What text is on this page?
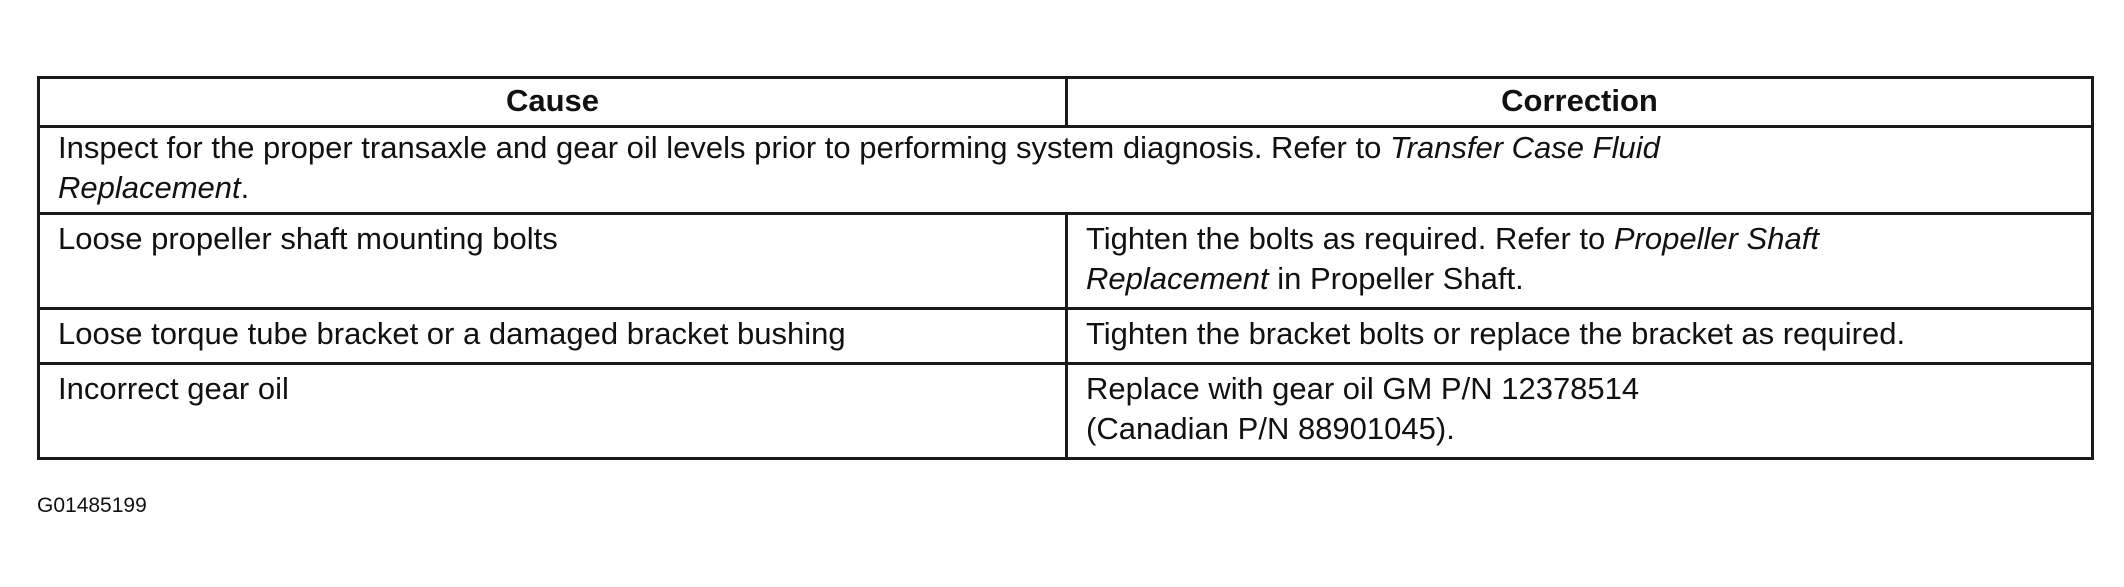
Cause	Correction
Inspect for the proper transaxle and gear oil levels prior to performing system diagnosis. Refer to Transfer Case Fluid
Replacement.	

Loose propeller shaft mounting bolts	Tighten the bolts as required. Refer to Propeller Shaft
Replacement in Propeller Shaft.

Loose torque tube bracket or a damaged bracket bushing	Tighten the bracket bolts or replace the bracket as required.
Incorrect gear oil	Replace with gear oil GM P/N 12378514
(Canadian P/N 88901045).
G01485199
